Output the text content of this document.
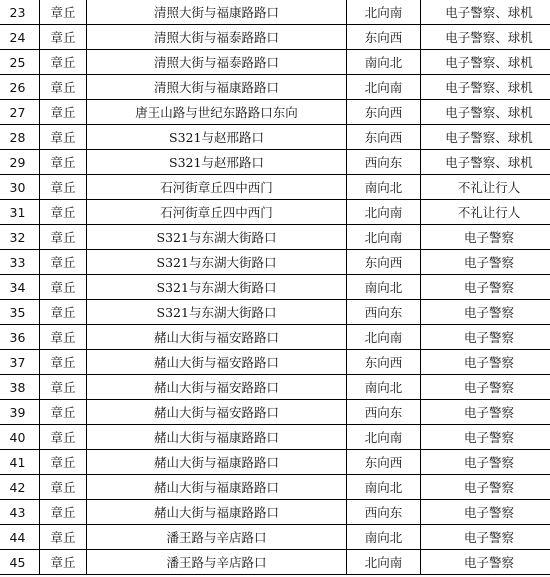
23	章丘	清照大街与福康路路口	北向南	电子警察、球机
24	章丘	清照大街与福泰路路口	东向西	电子警察、球机
25	章丘	清照大街与福泰路路口	南向北	电子警察、球机
26	章丘	清照大街与福康路路口	北向南	电子警察、球机
27	章丘	唐王山路与世纪东路路口东向	东向西	电子警察、球机
28	章丘	S321与赵邢路口	东向西	电子警察、球机
29	章丘	S321与赵邢路口	西向东	电子警察、球机
30	章丘	石河街章丘四中西门	南向北	不礼让行人
31	章丘	石河街章丘四中西门	北向南	不礼让行人
32	章丘	S321与东湖大街路口	北向南	电子警察
33	章丘	S321与东湖大街路口	东向西	电子警察
34	章丘	S321与东湖大街路口	南向北	电子警察
35	章丘	S321与东湖大街路口	西向东	电子警察
36	章丘	赭山大街与福安路路口	北向南	电子警察
37	章丘	赭山大街与福安路路口	东向西	电子警察
38	章丘	赭山大街与福安路路口	南向北	电子警察
39	章丘	赭山大街与福安路路口	西向东	电子警察
40	章丘	赭山大街与福康路路口	北向南	电子警察
41	章丘	赭山大街与福康路路口	东向西	电子警察
42	章丘	赭山大街与福康路路口	南向北	电子警察
43	章丘	赭山大街与福康路路口	西向东	电子警察
44	章丘	潘王路与辛店路口	南向北	电子警察
45	章丘	潘王路与辛店路口	北向南	电子警察
